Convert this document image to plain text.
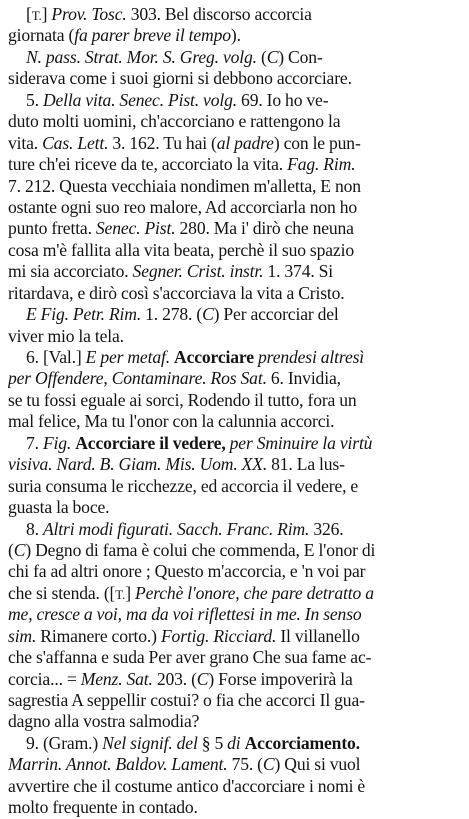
[T.] Prov. Tosc. 303. Bel discorso accorcia
giornata (fa parer breve il tempo).
N. pass. Strat. Mor. S. Greg. volg. (C) Con-
siderava come i suoi giorni si debbono accorciare.
5. Della vita. Senec. Pist. volg. 69. Io ho ve-
duto molti uomini, ch'accorciano e rattengono la
vita. Cas. Lett. 3. 162. Tu hai (al padre) con le pun-
ture ch'ei riceve da te, accorciato la vita. Fag. Rim.
7. 212. Questa vecchiaia nondimen m'alletta, E non
ostante ogni suo reo malore, Ad accorciarla non ho
punto fretta. Senec. Pist. 280. Ma i' dirò che neuna
cosa m'è fallita alla vita beata, perchè il suo spazio
mi sia accorciato. Segner. Crist. instr. 1. 374. Si
ritardava, e dirò così s'accorciava la vita a Cristo.
E Fig. Petr. Rim. 1. 278. (C) Per accorciar del
viver mio la tela.
6. [Val.] E per metaf. Accorciare prendesi altresì
per Offendere, Contaminare. Ros Sat. 6. Invidia,
se tu fossi eguale ai sorci, Rodendo il tutto, fora un
mal felice, Ma tu l'onor con la calunnia accorci.
7. Fig. Accorciare il vedere, per Sminuire la virtù
visiva. Nard. B. Giam. Mis. Uom. XX. 81. La lus-
suria consuma le ricchezze, ed accorcia il vedere, e
guasta la boce.
8. Altri modi figurati. Sacch. Franc. Rim. 326.
(C) Degno di fama è colui che commenda, E l'onor di
chi fa ad altri onore ; Questo m'accorcia, e 'n voi par
che si stenda. ([T.] Perchè l'onore, che pare detratto a
me, cresce a voi, ma da voi riflettesi in me. In senso
sim. Rimanere corto.) Fortig. Ricciard. Il villanello
che s'affanna e suda Per aver grano Che sua fame ac-
corcia... = Menz. Sat. 203. (C) Forse impoverirà la
sagrestia A seppellir costui? o fia che accorci Il gua-
dagno alla vostra salmodia?
9. (Gram.) Nel signif. del § 5 di Accorciamento.
Marrin. Annot. Baldov. Lament. 75. (C) Qui si vuol
avvertire che il costume antico d'accorciare i nomi è
molto frequente in contado.
